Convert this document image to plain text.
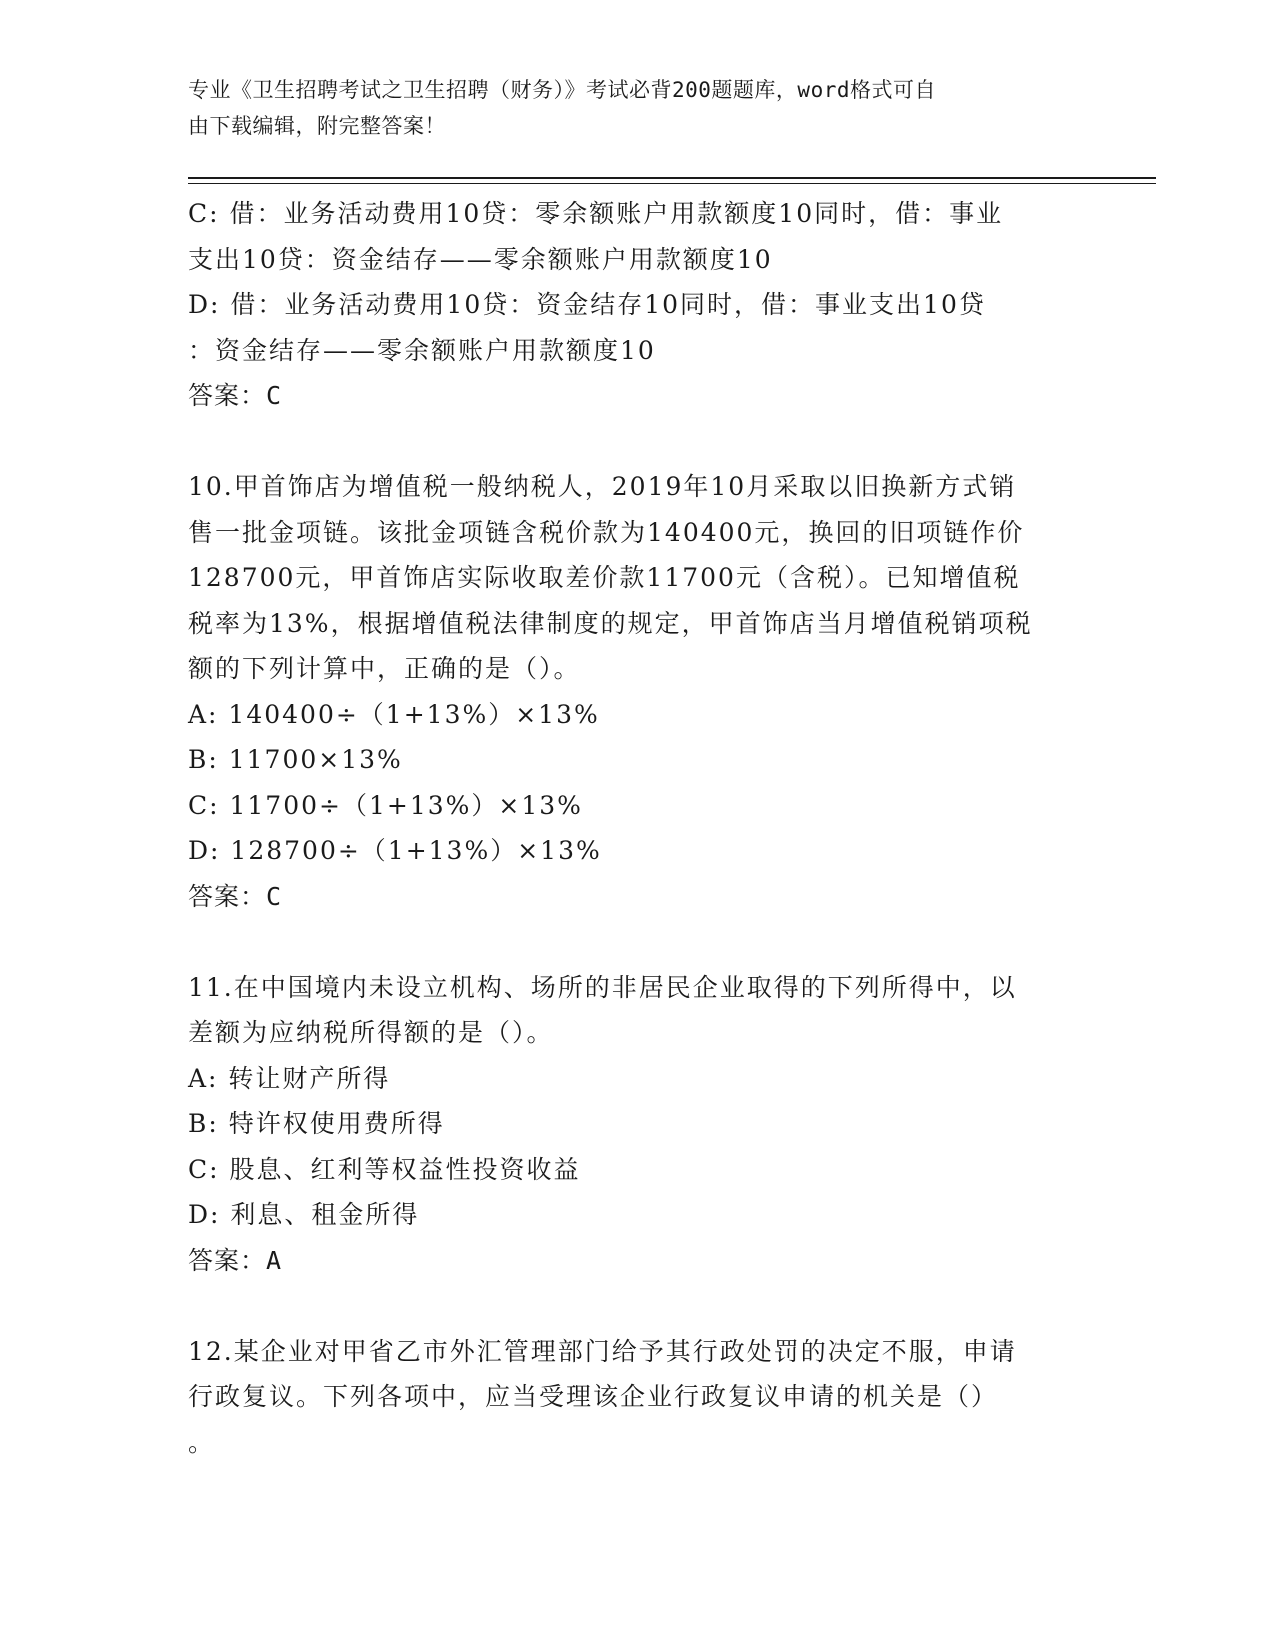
专业《卫生招聘考试之卫生招聘（财务）》考试必背200题题库，word格式可自
由下载编辑，附完整答案！
C: 借：业务活动费用10贷：零余额账户用款额度10同时，借：事业
支出10贷：资金结存——零余额账户用款额度10
D: 借：业务活动费用10贷：资金结存10同时，借：事业支出10贷
：资金结存——零余额账户用款额度10
答案：C
10.甲首饰店为增值税一般纳税人，2019年10月采取以旧换新方式销
售一批金项链。该批金项链含税价款为140400元，换回的旧项链作价
128700元，甲首饰店实际收取差价款11700元（含税）。已知增值税
税率为13%，根据增值税法律制度的规定，甲首饰店当月增值税销项税
额的下列计算中，正确的是（）。
A: 140400÷（1+13%）×13%
B: 11700×13%
C: 11700÷（1+13%）×13%
D: 128700÷（1+13%）×13%
答案：C
11.在中国境内未设立机构、场所的非居民企业取得的下列所得中，以
差额为应纳税所得额的是（）。
A: 转让财产所得
B: 特许权使用费所得
C: 股息、红利等权益性投资收益
D: 利息、租金所得
答案：A
12.某企业对甲省乙市外汇管理部门给予其行政处罚的决定不服，申请
行政复议。下列各项中，应当受理该企业行政复议申请的机关是（）
。
